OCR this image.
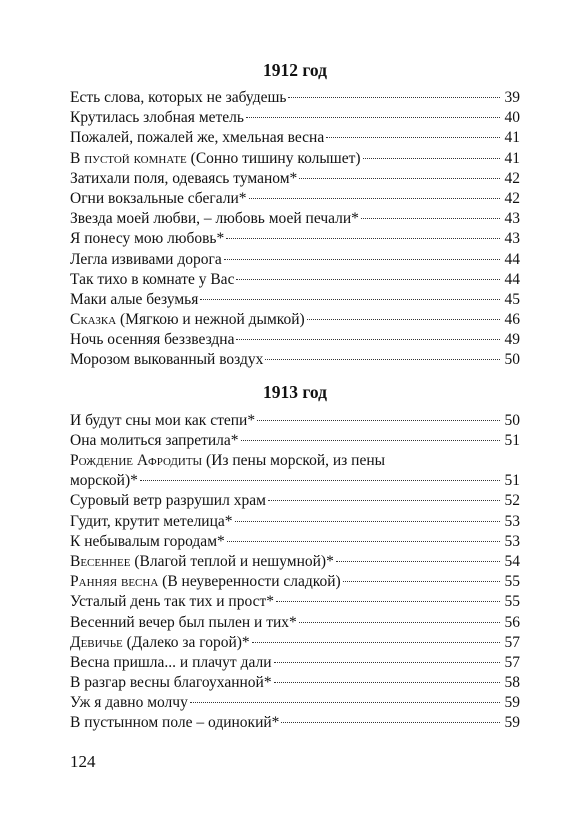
1912 год
Есть слова, которых не забудешь	39
Крутилась злобная метель	40
Пожалей, пожалей же, хмельная весна	41
В пустой комнате (Сонно тишину колышет)	41
Затихали поля, одеваясь туманом*	42
Огни вокзальные сбегали*	42
Звезда моей любви, – любовь моей печали*	43
Я понесу мою любовь*	43
Легла извивами дорога	44
Так тихо в комнате у Вас	44
Маки алые безумья	45
Сказка (Мягкою и нежной дымкой)	46
Ночь осенняя беззвездна	49
Морозом выкованный воздух	50
1913 год
И будут сны мои как степи*	50
Она молиться запретила*	51
Рождение Афродиты (Из пены морской, из пены
морской)*	51
Суровый ветр разрушил храм	52
Гудит, крутит метелица*	53
К небывалым городам*	53
Весеннее (Влагой теплой и нешумной)*	54
Ранняя весна (В неуверенности сладкой)	55
Усталый день так тих и прост*	55
Весенний вечер был пылен и тих*	56
Девичье (Далеко за горой)*	57
Весна пришла... и плачут дали	57
В разгар весны благоуханной*	58
Уж я давно молчу	59
В пустынном поле – одинокий*	59
124
